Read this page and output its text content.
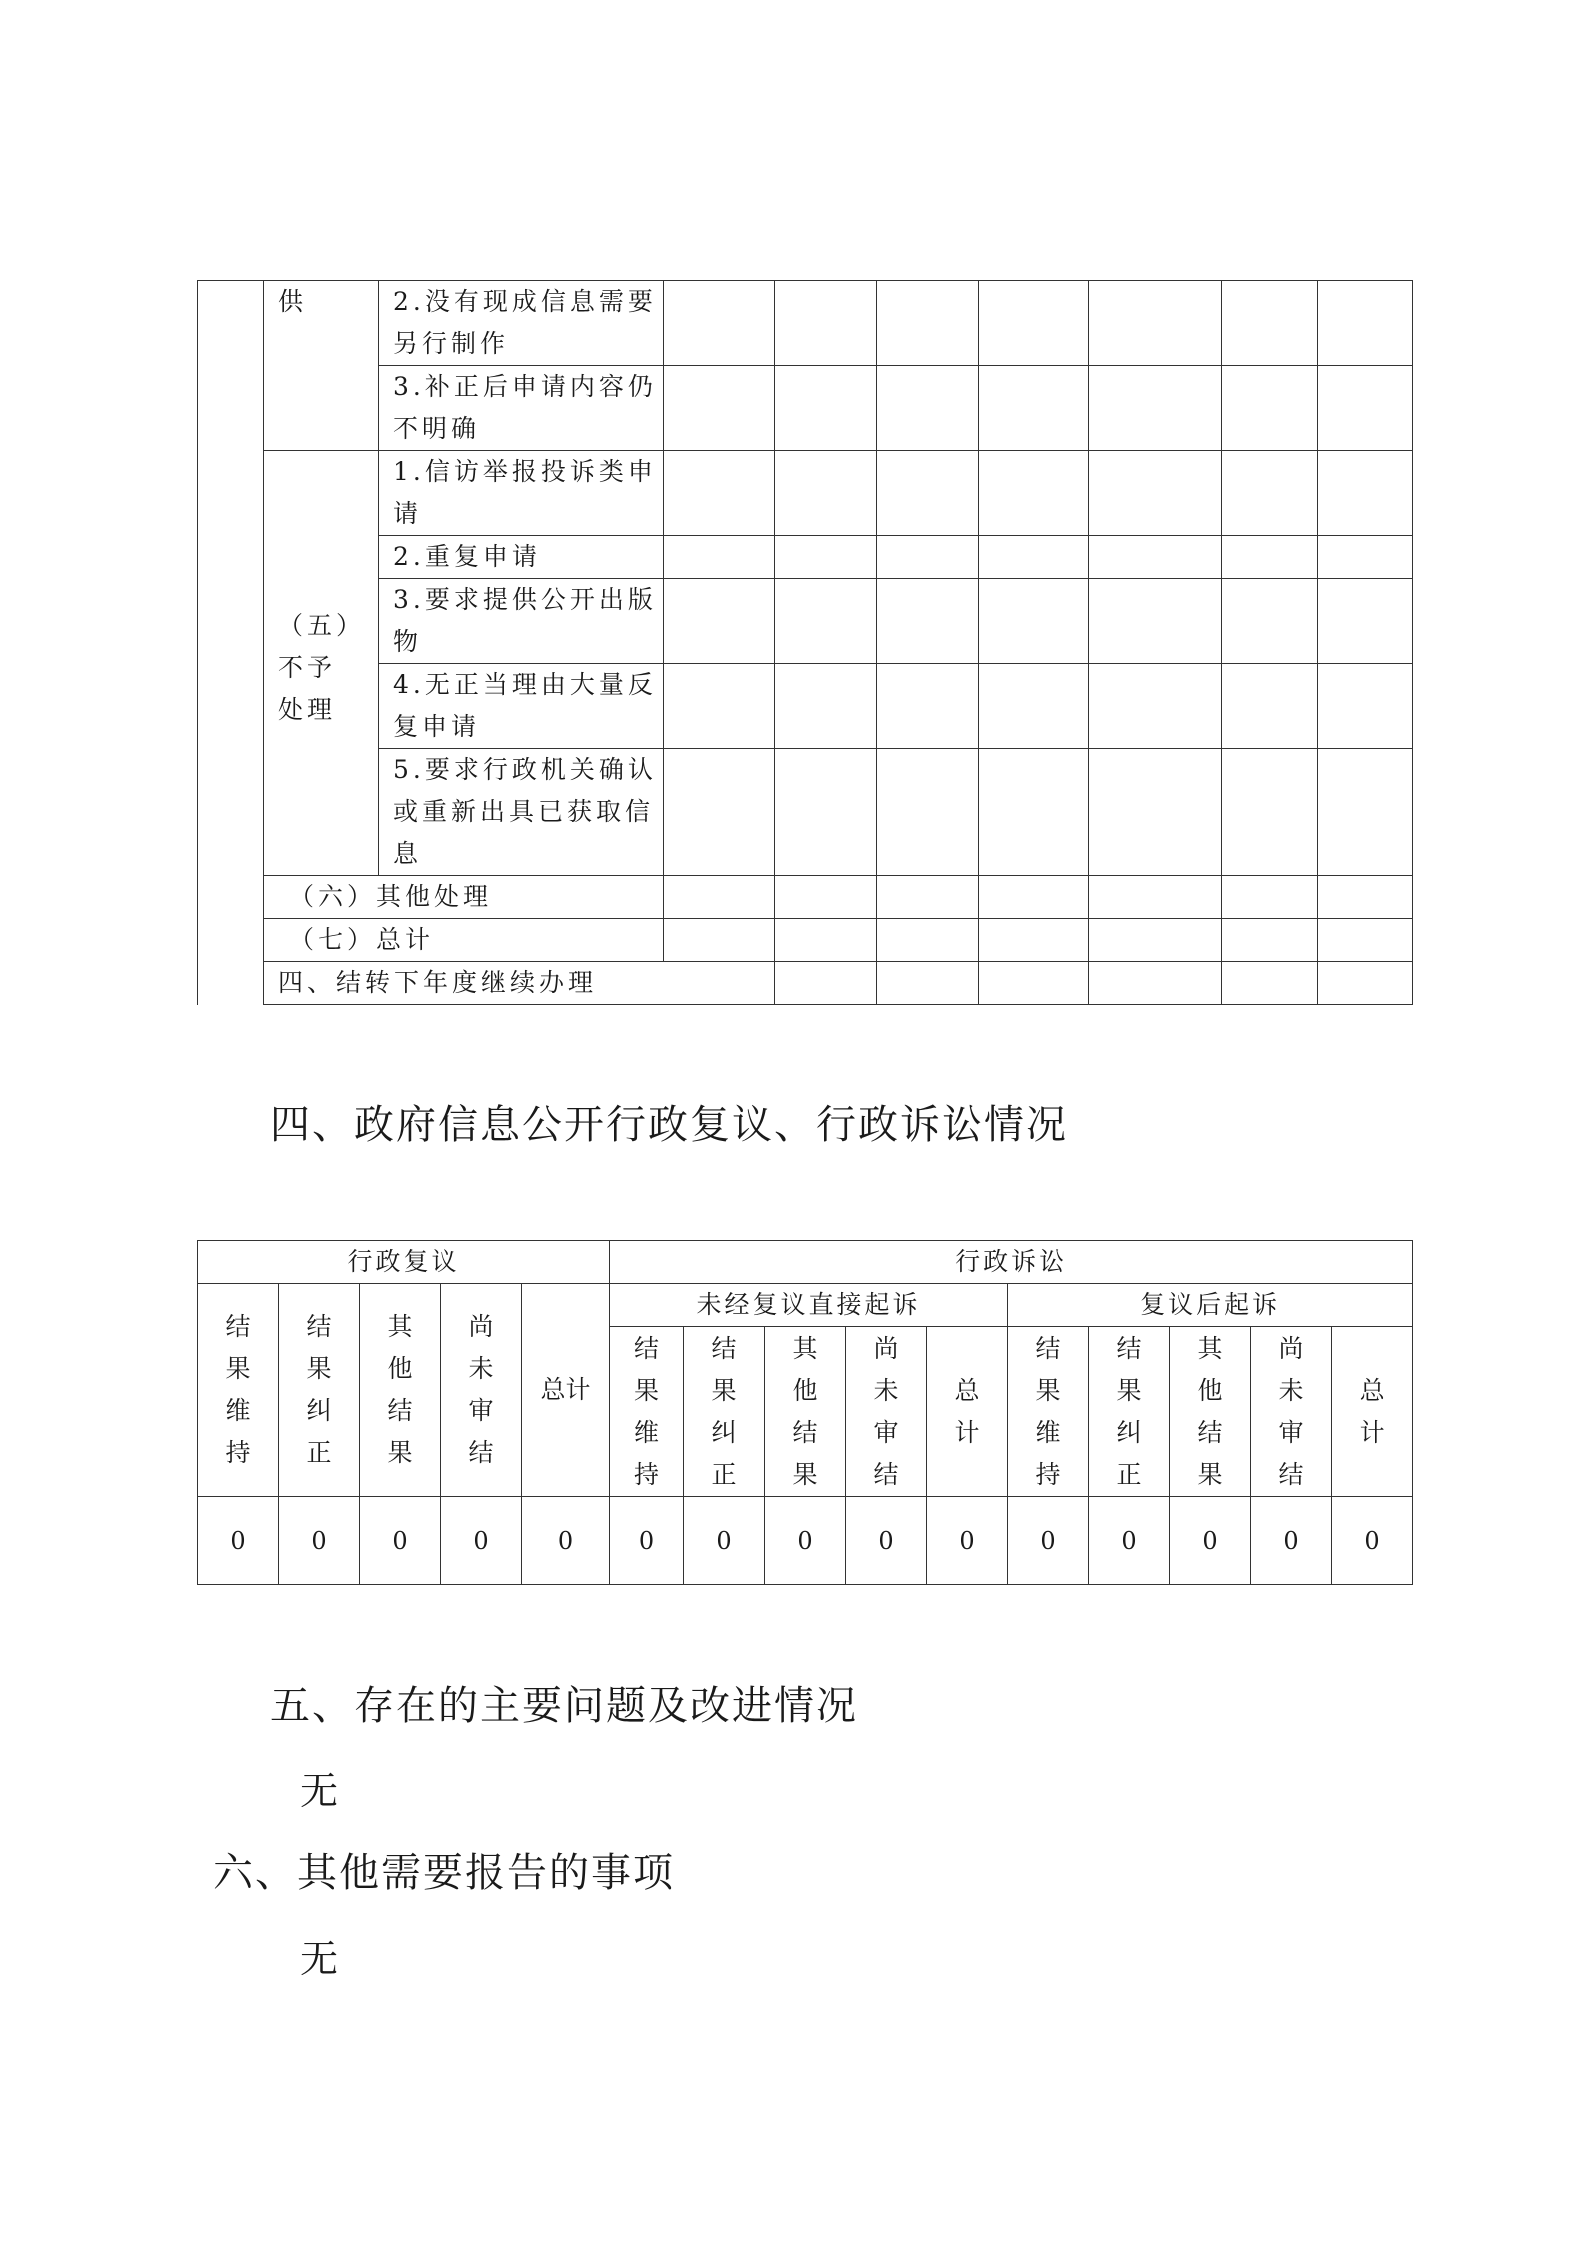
	供	2.没有现成信息需要另行制作								
		3.补正后申请内容仍不明确								

	（五）不予处理	1.信访举报投诉类申请								
		2.重复申请								
		3.要求提供公开出版物								
		4.无正当理由大量反复申请								
		5.要求行政机关确认或重新出具已获取信息								
	（六）其他处理									
	（七）总计									
	四、结转下年度继续办理									
四、政府信息公开行政复议、行政诉讼情况
行政复议					行政诉讼									
结果维持	结果纠正	其他结果	尚未审结	总计	未经复议直接起诉					复议后起诉				
					结果维持	结果纠正	其他结果	尚未审结	总计	结果维持	结果纠正	其他结果	尚未审结	总计
0	0	0	0	0	0	0	0	0	0	0	0	0	0	0
五、存在的主要问题及改进情况

无

六、其他需要报告的事项

无
